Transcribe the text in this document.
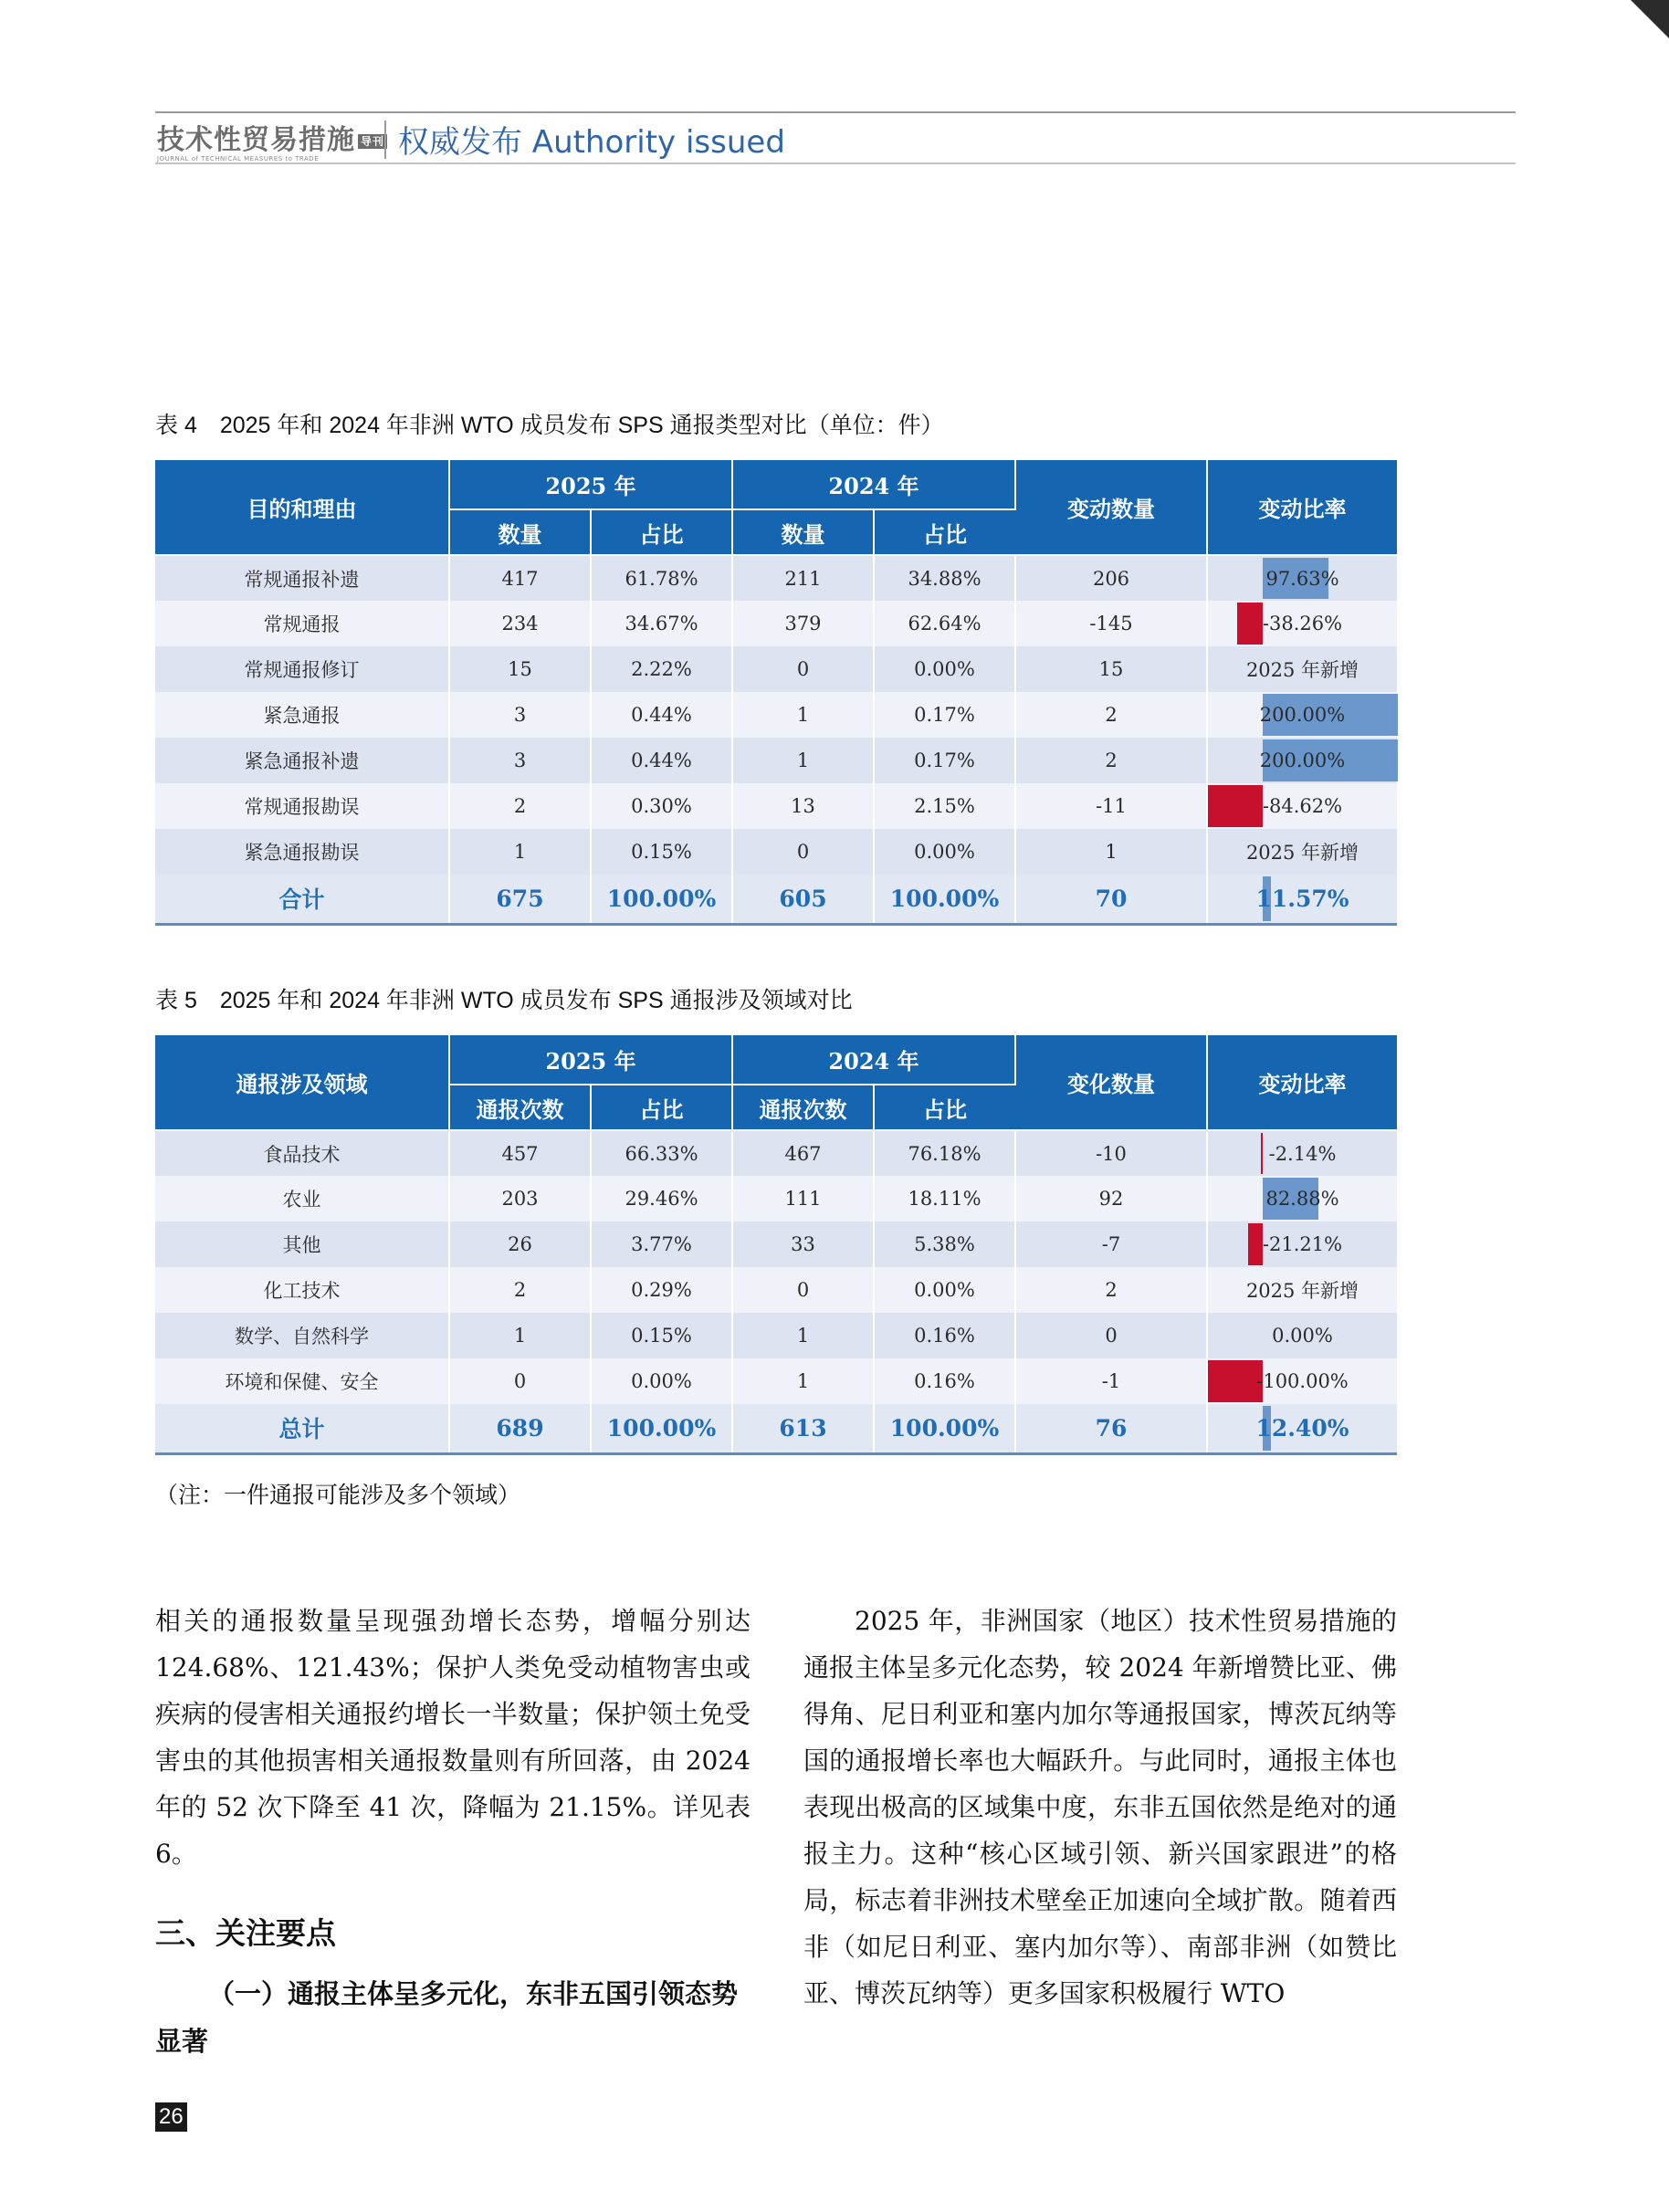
技术性贸易措施 导刊
JOURNAL of TECHNICAL MEASURES to TRADE	权威发布 Authority issued
表 4　2025 年和 2024 年非洲 WTO 成员发布 SPS 通报类型对比（单位：件）
目的和理由	2025 年		2024 年		变动数量	变动比率
	数量	占比	数量	占比		
常规通报补遗	417	61.78%	211	34.88%	206	97.63%
常规通报	234	34.67%	379	62.64%	-145	-38.26%
常规通报修订	15	2.22%	0	0.00%	15	2025 年新增
紧急通报	3	0.44%	1	0.17%	2	200.00%
紧急通报补遗	3	0.44%	1	0.17%	2	200.00%
常规通报勘误	2	0.30%	13	2.15%	-11	-84.62%
紧急通报勘误	1	0.15%	0	0.00%	1	2025 年新增
合计	675	100.00%	605	100.00%	70	11.57%
表 5　2025 年和 2024 年非洲 WTO 成员发布 SPS 通报涉及领域对比
通报涉及领域	2025 年		2024 年		变化数量	变动比率
	通报次数	占比	通报次数	占比		
食品技术	457	66.33%	467	76.18%	-10	-2.14%
农业	203	29.46%	111	18.11%	92	82.88%
其他	26	3.77%	33	5.38%	-7	-21.21%
化工技术	2	0.29%	0	0.00%	2	2025 年新增
数学、自然科学	1	0.15%	1	0.16%	0	0.00%
环境和保健、安全	0	0.00%	1	0.16%	-1	-100.00%
总计	689	100.00%	613	100.00%	76	12.40%
（注：一件通报可能涉及多个领域）
相关的通报数量呈现强劲增长态势，增幅分别达 124.68%、121.43%；保护人类免受动植物害虫或疾病的侵害相关通报约增长一半数量；保护领土免受害虫的其他损害相关通报数量则有所回落，由 2024 年的 52 次下降至 41 次，降幅为 21.15%。详见表 6。
三、关注要点
（一）通报主体呈多元化，东非五国引领态势显著
2025 年，非洲国家（地区）技术性贸易措施的通报主体呈多元化态势，较 2024 年新增赞比亚、佛得角、尼日利亚和塞内加尔等通报国家，博茨瓦纳等国的通报增长率也大幅跃升。与此同时，通报主体也表现出极高的区域集中度，东非五国依然是绝对的通报主力。这种“核心区域引领、新兴国家跟进”的格局，标志着非洲技术壁垒正加速向全域扩散。随着西非（如尼日利亚、塞内加尔等）、南部非洲（如赞比亚、博茨瓦纳等）更多国家积极履行 WTO
26
